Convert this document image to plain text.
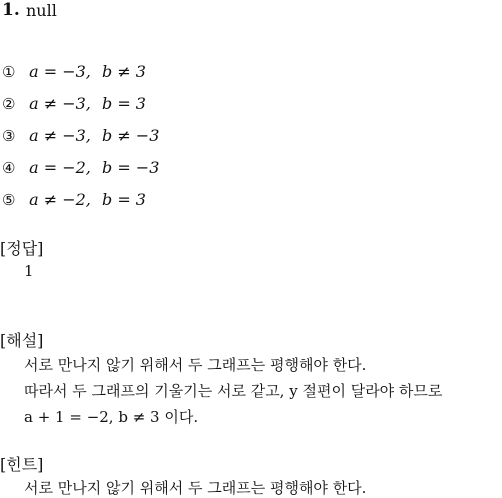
1. null
① a = −3, b ≠ 3
② a ≠ −3, b = 3
③ a ≠ −3, b ≠ −3
④ a = −2, b = −3
⑤ a ≠ −2, b = 3
[정답]
1
[해설]
서로 만나지 않기 위해서 두 그래프는 평행해야 한다.
따라서 두 그래프의 기울기는 서로 같고, y 절편이 달라야 하므로
a + 1 = −2, b ≠ 3 이다.
[힌트]
서로 만나지 않기 위해서 두 그래프는 평행해야 한다.
